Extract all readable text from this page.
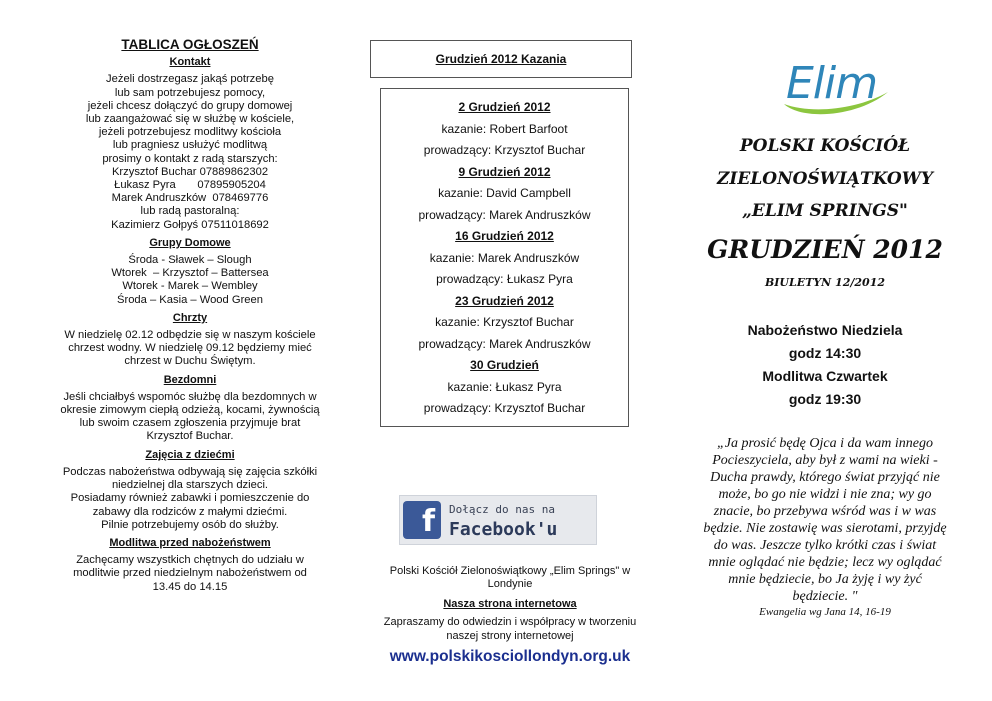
TABLICA OGŁOSZEŃ
Kontakt
Jeżeli dostrzegasz jakąś potrzebę
lub sam potrzebujesz pomocy,
jeżeli chcesz dołączyć do grupy domowej
lub zaangażować się w służbę w kościele,
jeżeli potrzebujesz modlitwy kościoła
lub pragniesz usłużyć modlitwą
prosimy o kontakt z radą starszych:
Krzysztof Buchar 07889862302
Łukasz Pyra       07895905204
Marek Andruszków  078469776
lub radą pastoralną:
Kazimierz Gołpyś 07511018692
Grupy Domowe
Środa - Sławek – Slough
Wtorek  – Krzysztof – Battersea
Wtorek - Marek – Wembley
Środa – Kasia – Wood Green
Chrzty
W niedzielę 02.12 odbędzie się w naszym kościele
chrzest wodny. W niedzielę 09.12 będziemy mieć
chrzest w Duchu Świętym.
Bezdomni
Jeśli chciałbyś wspomóc służbę dla bezdomnych w
okresie zimowym ciepłą odzieżą, kocami, żywnością
lub swoim czasem zgłoszenia przyjmuje brat
Krzysztof Buchar.
Zajęcia z dziećmi
Podczas nabożeństwa odbywają się zajęcia szkółki
niedzielnej dla starszych dzieci.
Posiadamy również zabawki i pomieszczenie do
zabawy dla rodziców z małymi dziećmi.
Pilnie potrzebujemy osób do służby.
Modlitwa przed nabożeństwem
Zachęcamy wszystkich chętnych do udziału w
modlitwie przed niedzielnym nabożeństwem od
13.45 do 14.15
Grudzień 2012 Kazania
2 Grudzień 2012
kazanie: Robert Barfoot
prowadzący: Krzysztof Buchar
9 Grudzień 2012
kazanie: David Campbell
prowadzący: Marek Andruszków
16 Grudzień 2012
kazanie: Marek Andruszków
prowadzący: Łukasz Pyra
23 Grudzień 2012
kazanie: Krzysztof Buchar
prowadzący: Marek Andruszków
30 Grudzień
kazanie: Łukasz Pyra
prowadzący: Krzysztof Buchar
f	Dołącz do nas na
Facebook'u
Polski Kościół Zielonoświątkowy „Elim Springs" w
Londynie
Nasza strona internetowa
Zapraszamy do odwiedzin i współpracy w tworzeniu
naszej strony internetowej
www.polskikosciollondyn.org.uk
Elim
POLSKI KOŚCIÓŁ
ZIELONOŚWIĄTKOWY
„ELIM SPRINGS"
GRUDZIEŃ 2012
BIULETYN 12/2012
Nabożeństwo Niedziela
godz 14:30
Modlitwa Czwartek
godz 19:30
„Ja prosić będę Ojca i da wam innego
Pocieszyciela, aby był z wami na wieki -
Ducha prawdy, którego świat przyjąć nie
może, bo go nie widzi i nie zna; wy go
znacie, bo przebywa wśród was i w was
będzie. Nie zostawię was sierotami, przyjdę
do was. Jeszcze tylko krótki czas i świat
mnie oglądać nie będzie; lecz wy oglądać
mnie będziecie, bo Ja żyję i wy żyć
będziecie. "
Ewangelia wg Jana 14, 16-19
